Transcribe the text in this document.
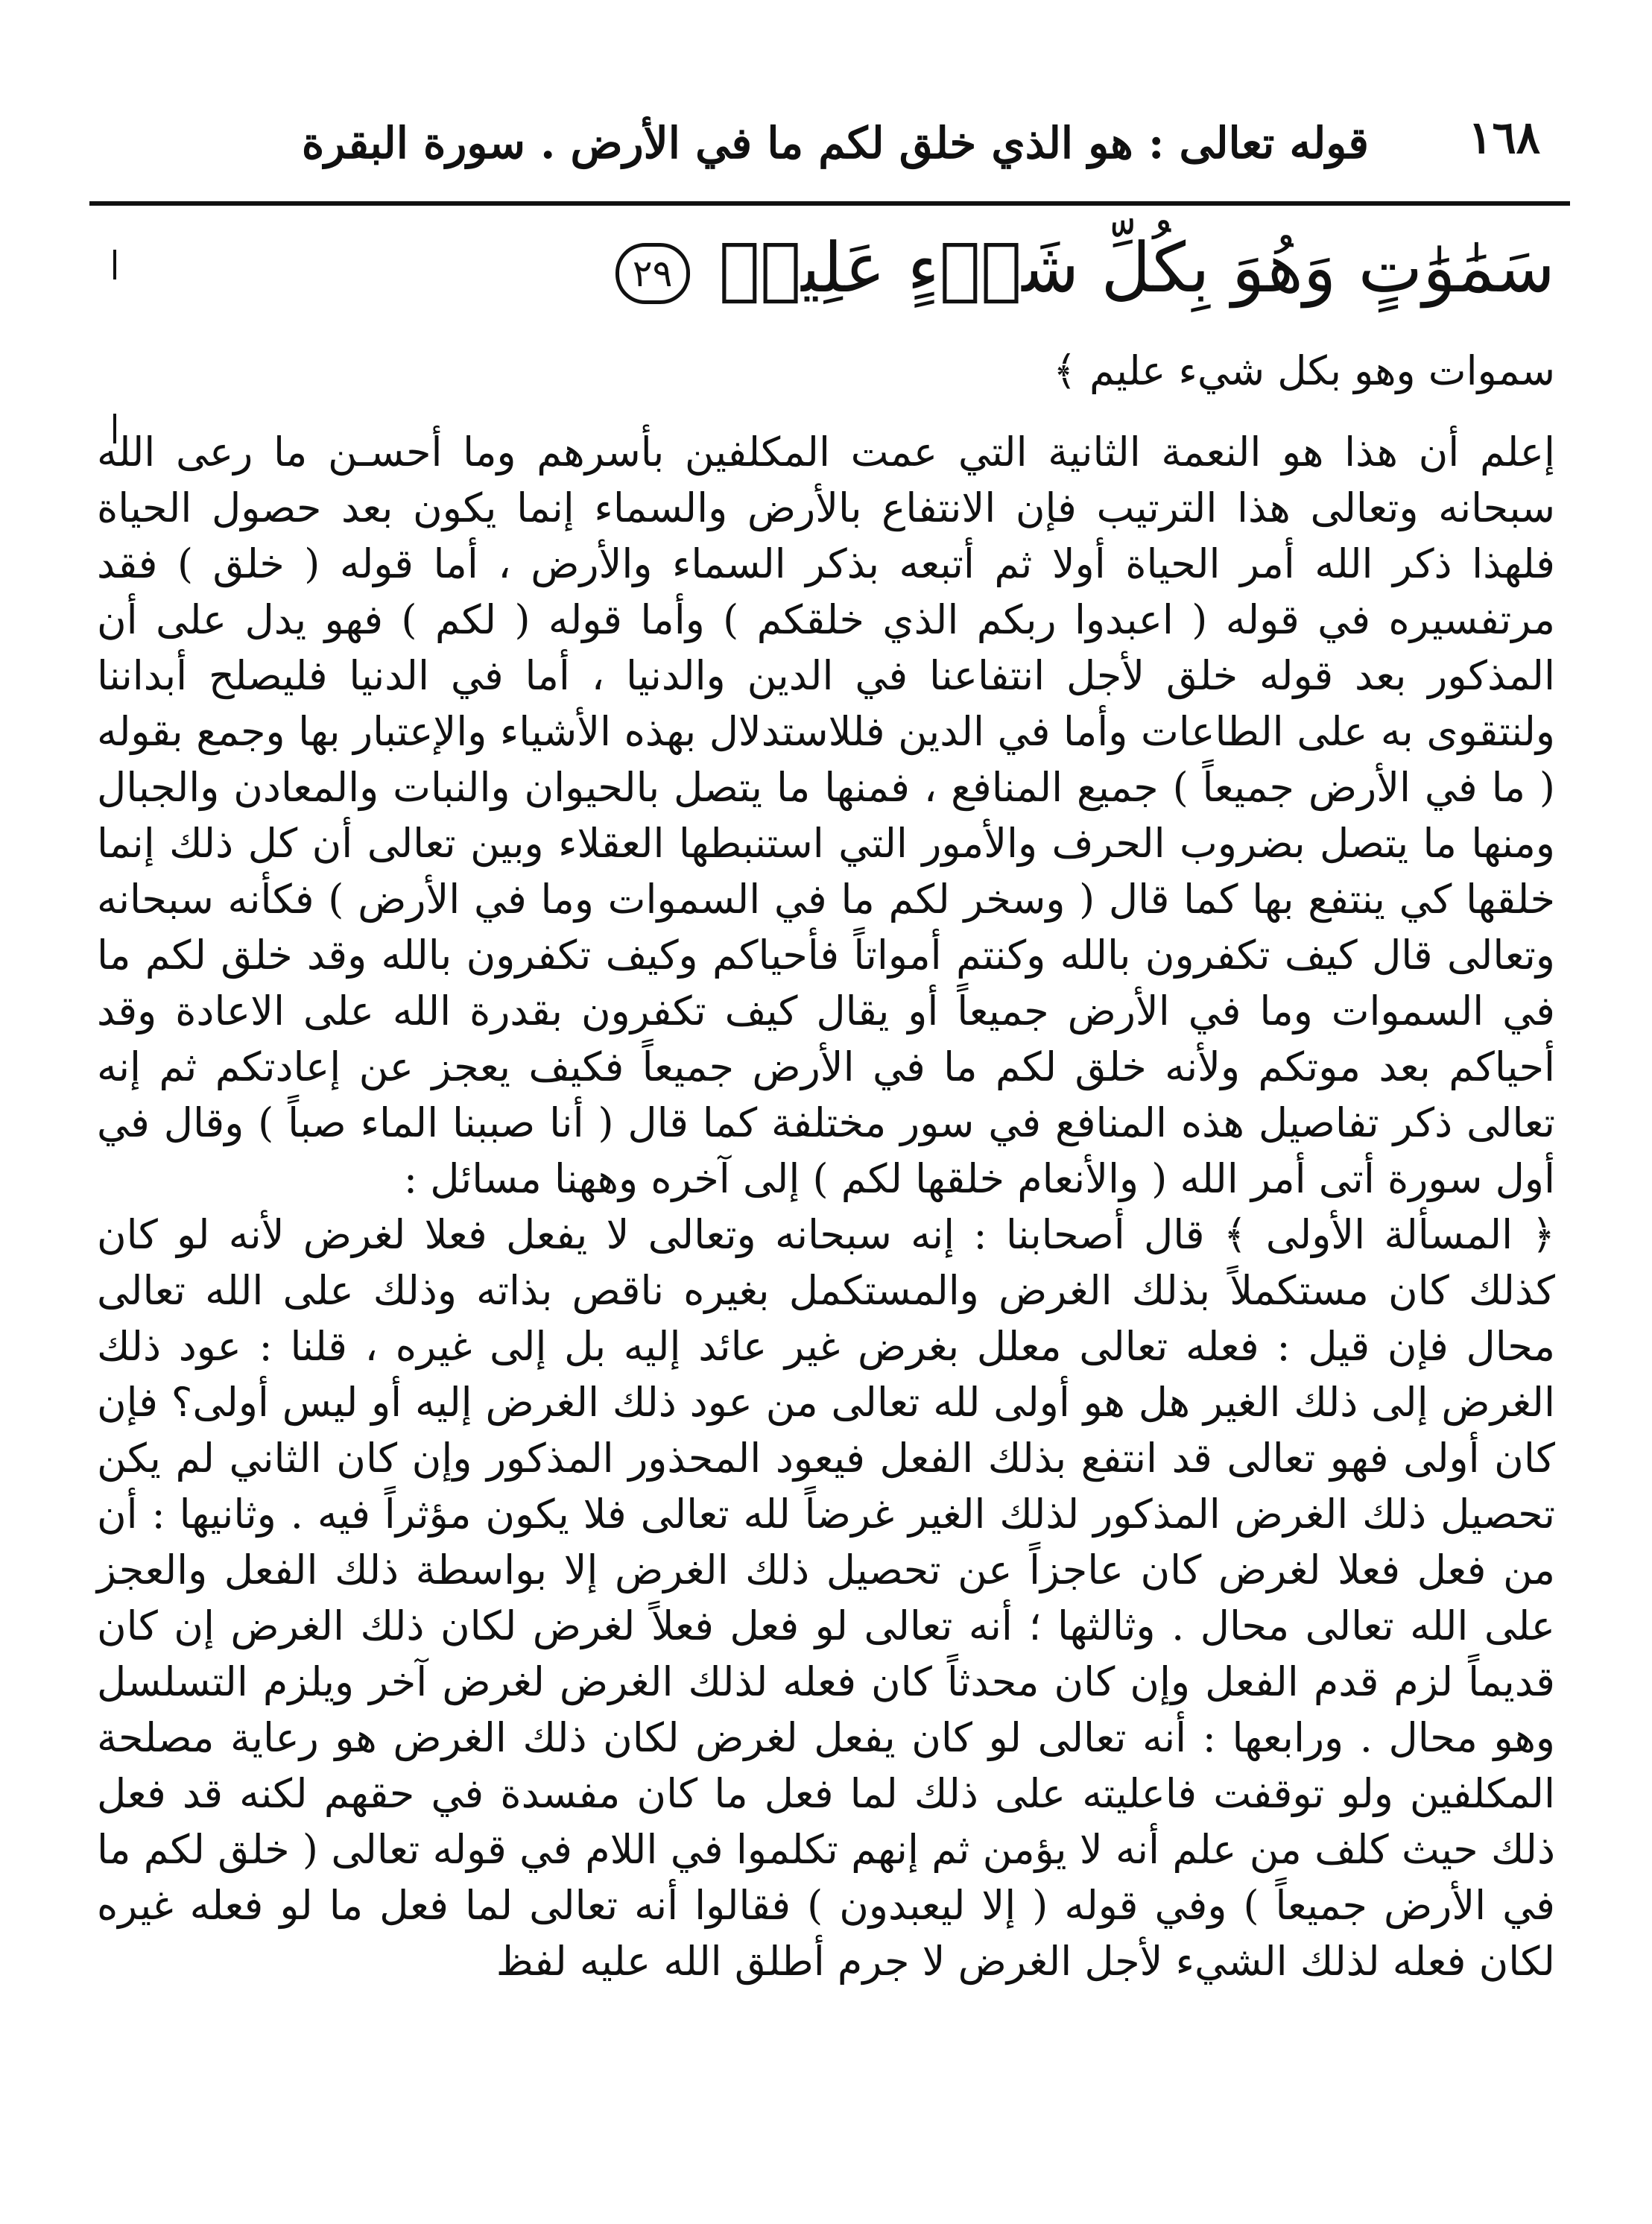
١٦٨
قوله تعالى : هو الذي خلق لكم ما في الأرض . سورة البقرة
سَمَٰوَٰتٍ وَهُوَ بِكُلِّ شَيۡءٍ عَلِيمٞ ٢٩

سموات وهو بكل شيء عليم ﴾

إعلم أن هذا هو النعمة الثانية التي عمت المكلفين بأسرهم وما أحسـن ما رعى الله سبحانه وتعالى هذا الترتيب فإن الانتفاع بالأرض والسماء إنما يكون بعد حصول الحياة فلهذا ذكر الله أمر الحياة أولا ثم أتبعه بذكر السماء والأرض ، أما قوله ( خلق ) فقد مرتفسيره في قوله ( اعبدوا ربكم الذي خلقكم ) وأما قوله ( لكم ) فهو يدل على أن المذكور بعد قوله خلق لأجل انتفاعنا في الدين والدنيا ، أما في الدنيا فليصلح أبداننا ولنتقوى به على الطاعات وأما في الدين فللاستدلال بهذه الأشياء والإعتبار بها وجمع بقوله ( ما في الأرض جميعاً ) جميع المنافع ، فمنها ما يتصل بالحيوان والنبات والمعادن والجبال ومنها ما يتصل بضروب الحرف والأمور التي استنبطها العقلاء وبين تعالى أن كل ذلك إنما خلقها كي ينتفع بها كما قال ( وسخر لكم ما في السموات وما في الأرض ) فكأنه سبحانه وتعالى قال كيف تكفرون بالله وكنتم أمواتاً فأحياكم وكيف تكفرون بالله وقد خلق لكم ما في السموات وما في الأرض جميعاً أو يقال كيف تكفرون بقدرة الله على الاعادة وقد أحياكم بعد موتكم ولأنه خلق لكم ما في الأرض جميعاً فكيف يعجز عن إعادتكم ثم إنه تعالى ذكر تفاصيل هذه المنافع في سور مختلفة كما قال ( أنا صببنا الماء صباً ) وقال في أول سورة أتى أمر الله ( والأنعام خلقها لكم ) إلى آخره وههنا مسائل :

﴿ المسألة الأولى ﴾ قال أصحابنا : إنه سبحانه وتعالى لا يفعل فعلا لغرض لأنه لو كان كذلك كان مستكملاً بذلك الغرض والمستكمل بغيره ناقص بذاته وذلك على الله تعالى محال فإن قيل : فعله تعالى معلل بغرض غير عائد إليه بل إلى غيره ، قلنا : عود ذلك الغرض إلى ذلك الغير هل هو أولى لله تعالى من عود ذلك الغرض إليه أو ليس أولى؟ فإن كان أولى فهو تعالى قد انتفع بذلك الفعل فيعود المحذور المذكور وإن كان الثاني لم يكن تحصيل ذلك الغرض المذكور لذلك الغير غرضاً لله تعالى فلا يكون مؤثراً فيه . وثانيها : أن من فعل فعلا لغرض كان عاجزاً عن تحصيل ذلك الغرض إلا بواسطة ذلك الفعل والعجز على الله تعالى محال . وثالثها ؛ أنه تعالى لو فعل فعلاً لغرض لكان ذلك الغرض إن كان قديماً لزم قدم الفعل وإن كان محدثاً كان فعله لذلك الغرض لغرض آخر ويلزم التسلسل وهو محال . ورابعها : أنه تعالى لو كان يفعل لغرض لكان ذلك الغرض هو رعاية مصلحة المكلفين ولو توقفت فاعليته على ذلك لما فعل ما كان مفسدة في حقهم لكنه قد فعل ذلك حيث كلف من علم أنه لا يؤمن ثم إنهم تكلموا في اللام في قوله تعالى ( خلق لكم ما في الأرض جميعاً ) وفي قوله ( إلا ليعبدون ) فقالوا أنه تعالى لما فعل ما لو فعله غيره لكان فعله لذلك الشيء لأجل الغرض لا جرم أطلق الله عليه لفظ
